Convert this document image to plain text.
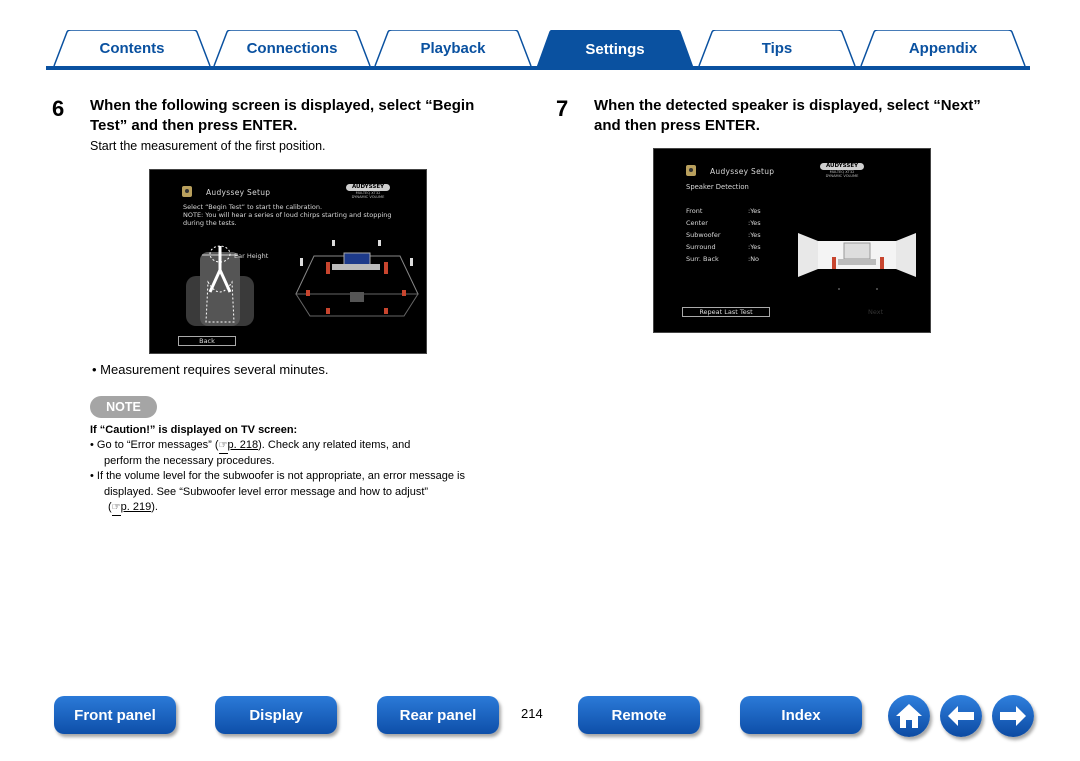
Contents	Connections	Playback	Settings	Tips	Appendix
6 When the following screen is displayed, select “Begin
Test” and then press ENTER.
Start the measurement of the first position.
Audyssey Setup
AUDYSSEY
MULTEQ XT32
DYNAMIC VOLUME
Select “Begin Test” to start the calibration.
NOTE: You will hear a series of loud chirps starting and stopping
during the tests.
Ear Height
Back
• Measurement requires several minutes.
NOTE
If “Caution!” is displayed on TV screen:
• Go to “Error messages” (☞p. 218). Check any related items, and
perform the necessary procedures.
• If the volume level for the subwoofer is not appropriate, an error message is
displayed. See “Subwoofer level error message and how to adjust”
(☞p. 219).
7 When the detected speaker is displayed, select “Next”
and then press ENTER.
Audyssey Setup
Speaker Detection
AUDYSSEY
MULTEQ XT32
DYNAMIC VOLUME
Front	:Yes
Center	:Yes
Subwoofer	:Yes
Surround	:Yes
Surr. Back	:No
Repeat Last Test	Next
Front panel	Display	Rear panel	214	Remote	Index
